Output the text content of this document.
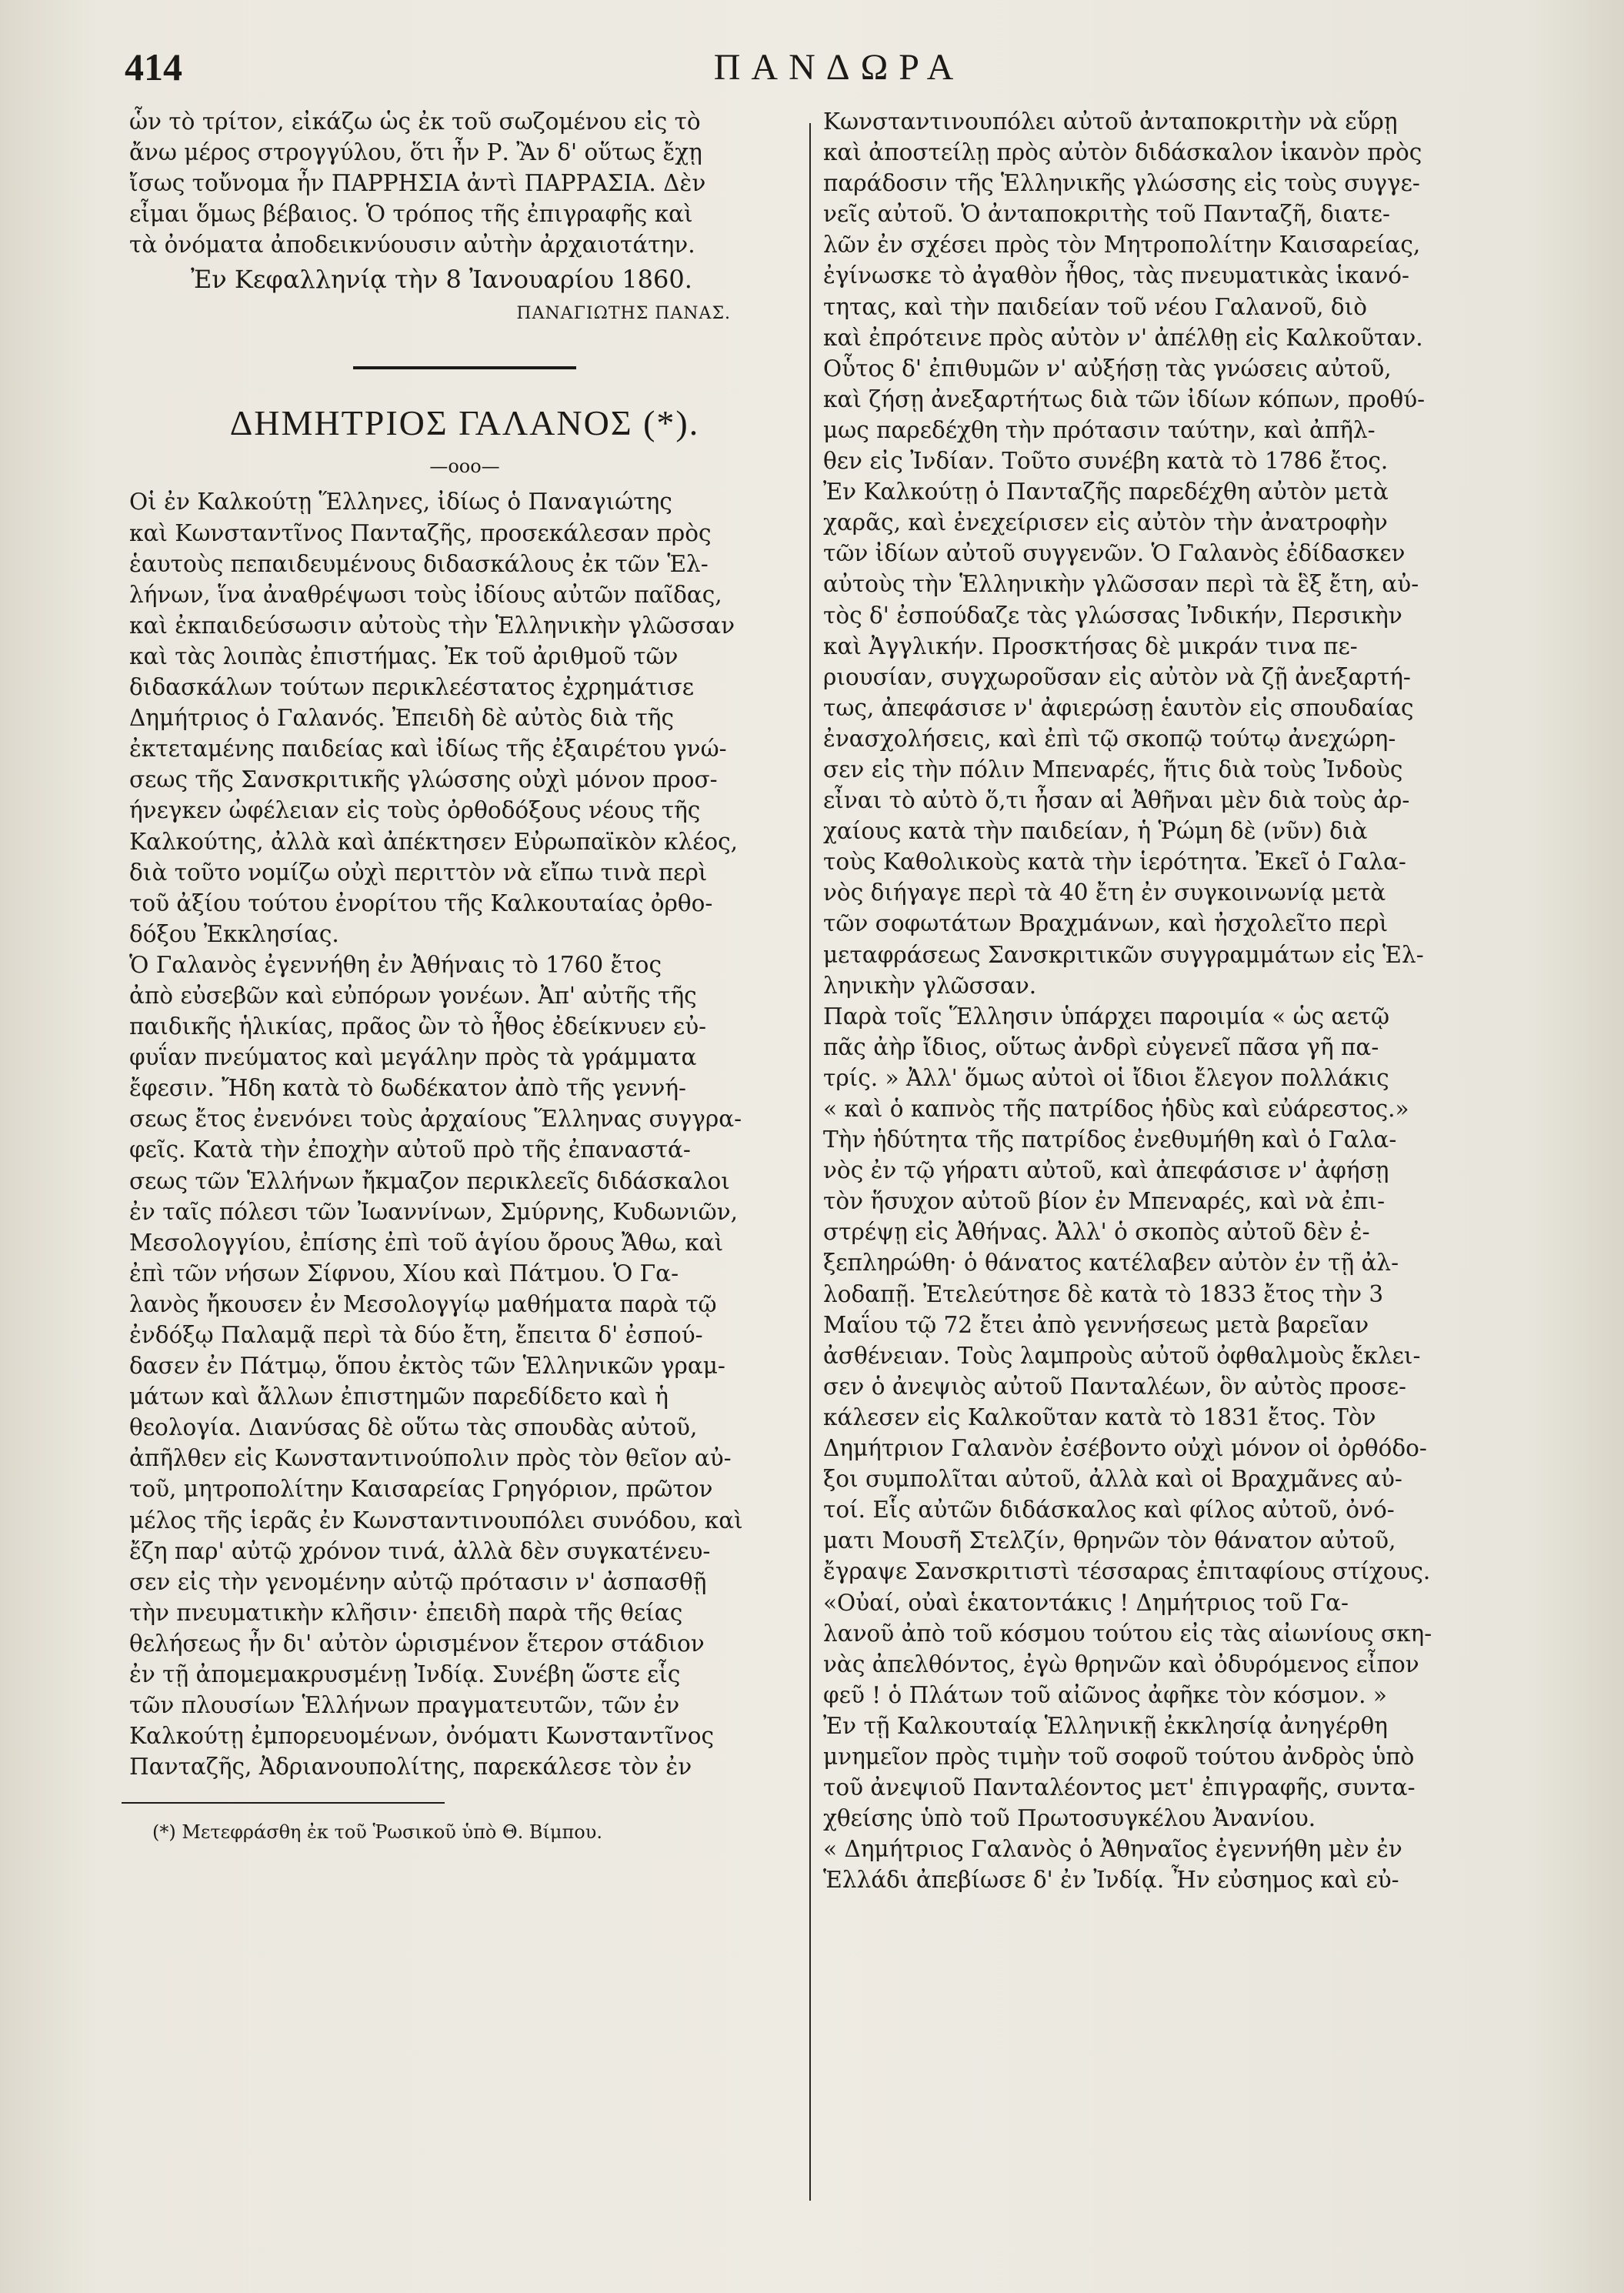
414	ΠΑΝΔΩΡΑ
ὧν τὸ τρίτον, εἰκάζω ὡς ἐκ τοῦ σωζομένου εἰς τὸ
ἄνω μέρος στρογγύλου, ὅτι ἦν Ρ. Ἂν δ' οὕτως ἔχῃ
ἴσως τοὔνομα ἦν ΠΑΡΡΗΣΙΑ ἀντὶ ΠΑΡΡΑΣΙΑ. Δὲν
εἶμαι ὅμως βέβαιος. Ὁ τρόπος τῆς ἐπιγραφῆς καὶ
τὰ ὀνόματα ἀποδεικνύουσιν αὐτὴν ἀρχαιοτάτην.
Ἐν Κεφαλληνίᾳ τὴν 8 Ἰανουαρίου 1860.
ΠΑΝΑΓΙΩΤΗΣ ΠΑΝΑΣ.
ΔΗΜΗΤΡΙΟΣ ΓΑΛΑΝΟΣ (*).
—ooo—
Οἱ ἐν Καλκούτῃ Ἕλληνες, ἰδίως ὁ Παναγιώτης
καὶ Κωνσταντῖνος Πανταζῆς, προσεκάλεσαν πρὸς
ἑαυτοὺς πεπαιδευμένους διδασκάλους ἐκ τῶν Ἑλ-
λήνων, ἵνα ἀναθρέψωσι τοὺς ἰδίους αὐτῶν παῖδας,
καὶ ἐκπαιδεύσωσιν αὐτοὺς τὴν Ἑλληνικὴν γλῶσσαν
καὶ τὰς λοιπὰς ἐπιστήμας. Ἐκ τοῦ ἀριθμοῦ τῶν
διδασκάλων τούτων περικλεέστατος ἐχρημάτισε
Δημήτριος ὁ Γαλανός. Ἐπειδὴ δὲ αὐτὸς διὰ τῆς
ἐκτεταμένης παιδείας καὶ ἰδίως τῆς ἐξαιρέτου γνώ-
σεως τῆς Σανσκριτικῆς γλώσσης οὐχὶ μόνον προσ-
ήνεγκεν ὠφέλειαν εἰς τοὺς ὀρθοδόξους νέους τῆς
Καλκούτης, ἀλλὰ καὶ ἀπέκτησεν Εὐρωπαϊκὸν κλέος,
διὰ τοῦτο νομίζω οὐχὶ περιττὸν νὰ εἴπω τινὰ περὶ
τοῦ ἀξίου τούτου ἐνορίτου τῆς Καλκουταίας ὀρθο-
δόξου Ἐκκλησίας.
Ὁ Γαλανὸς ἐγεννήθη ἐν Ἀθήναις τὸ 1760 ἔτος
ἀπὸ εὐσεβῶν καὶ εὐπόρων γονέων. Ἀπ' αὐτῆς τῆς
παιδικῆς ἡλικίας, πρᾶος ὢν τὸ ἦθος ἐδείκνυεν εὐ-
φυΐαν πνεύματος καὶ μεγάλην πρὸς τὰ γράμματα
ἔφεσιν. Ἤδη κατὰ τὸ δωδέκατον ἀπὸ τῆς γεννή-
σεως ἔτος ἐνενόνει τοὺς ἀρχαίους Ἕλληνας συγγρα-
φεῖς. Κατὰ τὴν ἐποχὴν αὐτοῦ πρὸ τῆς ἐπαναστά-
σεως τῶν Ἑλλήνων ἤκμαζον περικλεεῖς διδάσκαλοι
ἐν ταῖς πόλεσι τῶν Ἰωαννίνων, Σμύρνης, Κυδωνιῶν,
Μεσολογγίου, ἐπίσης ἐπὶ τοῦ ἁγίου ὄρους Ἄθω, καὶ
ἐπὶ τῶν νήσων Σίφνου, Χίου καὶ Πάτμου. Ὁ Γα-
λανὸς ἤκουσεν ἐν Μεσολογγίῳ μαθήματα παρὰ τῷ
ἐνδόξῳ Παλαμᾷ περὶ τὰ δύο ἔτη, ἔπειτα δ' ἐσπού-
δασεν ἐν Πάτμῳ, ὅπου ἐκτὸς τῶν Ἑλληνικῶν γραμ-
μάτων καὶ ἄλλων ἐπιστημῶν παρεδίδετο καὶ ἡ
θεολογία. Διανύσας δὲ οὕτω τὰς σπουδὰς αὐτοῦ,
ἀπῆλθεν εἰς Κωνσταντινούπολιν πρὸς τὸν θεῖον αὐ-
τοῦ, μητροπολίτην Καισαρείας Γρηγόριον, πρῶτον
μέλος τῆς ἱερᾶς ἐν Κωνσταντινουπόλει συνόδου, καὶ
ἔζη παρ' αὐτῷ χρόνον τινά, ἀλλὰ δὲν συγκατένευ-
σεν εἰς τὴν γενομένην αὐτῷ πρότασιν ν' ἀσπασθῇ
τὴν πνευματικὴν κλῆσιν· ἐπειδὴ παρὰ τῆς θείας
θελήσεως ἦν δι' αὐτὸν ὡρισμένον ἕτερον στάδιον
ἐν τῇ ἀπομεμακρυσμένῃ Ἰνδίᾳ. Συνέβη ὥστε εἷς
τῶν πλουσίων Ἑλλήνων πραγματευτῶν, τῶν ἐν
Καλκούτῃ ἐμπορευομένων, ὀνόματι Κωνσταντῖνος
Πανταζῆς, Ἀδριανουπολίτης, παρεκάλεσε τὸν ἐν
(*) Μετεφράσθη ἐκ τοῦ Ῥωσικοῦ ὑπὸ Θ. Βίμπου.
Κωνσταντινουπόλει αὐτοῦ ἀνταποκριτὴν νὰ εὕρῃ
καὶ ἀποστείλῃ πρὸς αὐτὸν διδάσκαλον ἱκανὸν πρὸς
παράδοσιν τῆς Ἑλληνικῆς γλώσσης εἰς τοὺς συγγε-
νεῖς αὐτοῦ. Ὁ ἀνταποκριτὴς τοῦ Πανταζῆ, διατε-
λῶν ἐν σχέσει πρὸς τὸν Μητροπολίτην Καισαρείας,
ἐγίνωσκε τὸ ἀγαθὸν ἦθος, τὰς πνευματικὰς ἱκανό-
τητας, καὶ τὴν παιδείαν τοῦ νέου Γαλανοῦ, διὸ
καὶ ἐπρότεινε πρὸς αὐτὸν ν' ἀπέλθῃ εἰς Καλκοῦταν.
Οὗτος δ' ἐπιθυμῶν ν' αὐξήσῃ τὰς γνώσεις αὐτοῦ,
καὶ ζήσῃ ἀνεξαρτήτως διὰ τῶν ἰδίων κόπων, προθύ-
μως παρεδέχθη τὴν πρότασιν ταύτην, καὶ ἀπῆλ-
θεν εἰς Ἰνδίαν. Τοῦτο συνέβη κατὰ τὸ 1786 ἔτος.
Ἐν Καλκούτῃ ὁ Πανταζῆς παρεδέχθη αὐτὸν μετὰ
χαρᾶς, καὶ ἐνεχείρισεν εἰς αὐτὸν τὴν ἀνατροφὴν
τῶν ἰδίων αὐτοῦ συγγενῶν. Ὁ Γαλανὸς ἐδίδασκεν
αὐτοὺς τὴν Ἑλληνικὴν γλῶσσαν περὶ τὰ ἓξ ἔτη, αὐ-
τὸς δ' ἐσπούδαζε τὰς γλώσσας Ἰνδικήν, Περσικὴν
καὶ Ἀγγλικήν. Προσκτήσας δὲ μικράν τινα πε-
ριουσίαν, συγχωροῦσαν εἰς αὐτὸν νὰ ζῇ ἀνεξαρτή-
τως, ἀπεφάσισε ν' ἀφιερώσῃ ἑαυτὸν εἰς σπουδαίας
ἐνασχολήσεις, καὶ ἐπὶ τῷ σκοπῷ τούτῳ ἀνεχώρη-
σεν εἰς τὴν πόλιν Μπεναρές, ἥτις διὰ τοὺς Ἰνδοὺς
εἶναι τὸ αὐτὸ ὅ,τι ἦσαν αἱ Ἀθῆναι μὲν διὰ τοὺς ἀρ-
χαίους κατὰ τὴν παιδείαν, ἡ Ῥώμη δὲ (νῦν) διὰ
τοὺς Καθολικοὺς κατὰ τὴν ἱερότητα. Ἐκεῖ ὁ Γαλα-
νὸς διήγαγε περὶ τὰ 40 ἔτη ἐν συγκοινωνίᾳ μετὰ
τῶν σοφωτάτων Βραχμάνων, καὶ ἠσχολεῖτο περὶ
μεταφράσεως Σανσκριτικῶν συγγραμμάτων εἰς Ἑλ-
ληνικὴν γλῶσσαν.
Παρὰ τοῖς Ἕλλησιν ὑπάρχει παροιμία « ὡς αετῷ
πᾶς ἀὴρ ἴδιος, οὕτως ἀνδρὶ εὐγενεῖ πᾶσα γῆ πα-
τρίς. » Ἀλλ' ὅμως αὐτοὶ οἱ ἴδιοι ἔλεγον πολλάκις
« καὶ ὁ καπνὸς τῆς πατρίδος ἡδὺς καὶ εὐάρεστος.»
Τὴν ἡδύτητα τῆς πατρίδος ἐνεθυμήθη καὶ ὁ Γαλα-
νὸς ἐν τῷ γήρατι αὐτοῦ, καὶ ἀπεφάσισε ν' ἀφήσῃ
τὸν ἥσυχον αὐτοῦ βίον ἐν Μπεναρές, καὶ νὰ ἐπι-
στρέψῃ εἰς Ἀθήνας. Ἀλλ' ὁ σκοπὸς αὐτοῦ δὲν ἐ-
ξεπληρώθη· ὁ θάνατος κατέλαβεν αὐτὸν ἐν τῇ ἀλ-
λοδαπῇ. Ἐτελεύτησε δὲ κατὰ τὸ 1833 ἔτος τὴν 3
Μαΐου τῷ 72 ἔτει ἀπὸ γεννήσεως μετὰ βαρεῖαν
ἀσθένειαν. Τοὺς λαμπροὺς αὐτοῦ ὀφθαλμοὺς ἔκλει-
σεν ὁ ἀνεψιὸς αὐτοῦ Πανταλέων, ὃν αὐτὸς προσε-
κάλεσεν εἰς Καλκοῦταν κατὰ τὸ 1831 ἔτος. Τὸν
Δημήτριον Γαλανὸν ἐσέβοντο οὐχὶ μόνον οἱ ὀρθόδο-
ξοι συμπολῖται αὐτοῦ, ἀλλὰ καὶ οἱ Βραχμᾶνες αὐ-
τοί. Εἷς αὐτῶν διδάσκαλος καὶ φίλος αὐτοῦ, ὀνό-
ματι Μουσῆ Στελζίν, θρηνῶν τὸν θάνατον αὐτοῦ,
ἔγραψε Σανσκριτιστὶ τέσσαρας ἐπιταφίους στίχους.
«Οὐαί, οὐαὶ ἑκατοντάκις ! Δημήτριος τοῦ Γα-
λανοῦ ἀπὸ τοῦ κόσμου τούτου εἰς τὰς αἰωνίους σκη-
νὰς ἀπελθόντος, ἐγὼ θρηνῶν καὶ ὀδυρόμενος εἶπον
φεῦ ! ὁ Πλάτων τοῦ αἰῶνος ἀφῆκε τὸν κόσμον. »
Ἐν τῇ Καλκουταίᾳ Ἑλληνικῇ ἐκκλησίᾳ ἀνηγέρθη
μνημεῖον πρὸς τιμὴν τοῦ σοφοῦ τούτου ἀνδρὸς ὑπὸ
τοῦ ἀνεψιοῦ Πανταλέοντος μετ' ἐπιγραφῆς, συντα-
χθείσης ὑπὸ τοῦ Πρωτοσυγκέλου Ἀνανίου.
« Δημήτριος Γαλανὸς ὁ Ἀθηναῖος ἐγεννήθη μὲν ἐν
Ἑλλάδι ἀπεβίωσε δ' ἐν Ἰνδίᾳ. Ἦν εὐσημος καὶ εὐ-
